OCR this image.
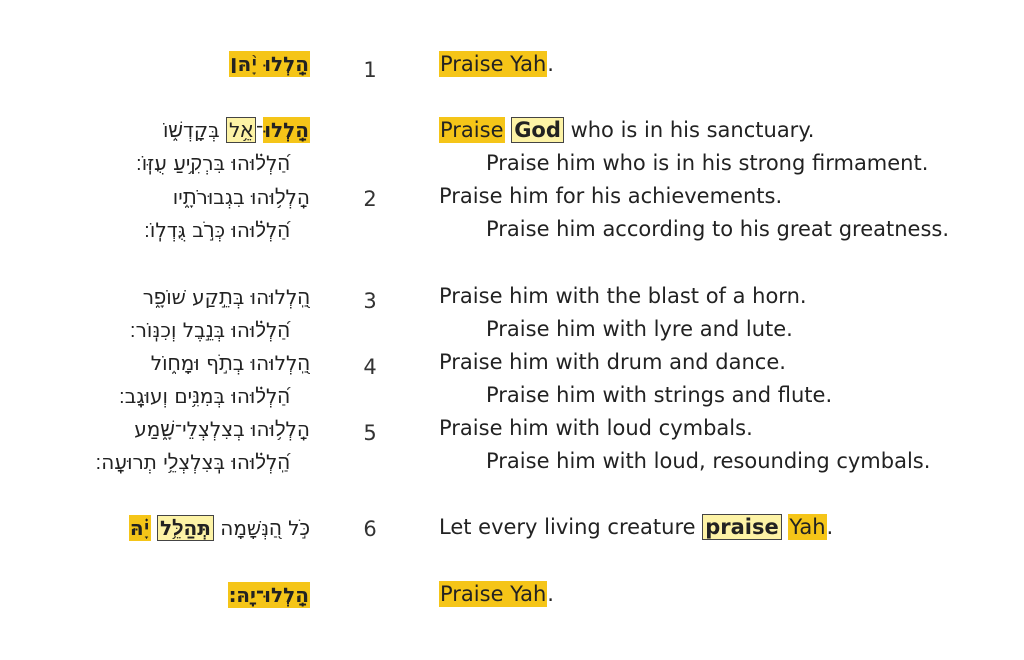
הַֽלְלוּ יָ֨הּ׀
הַֽלְלוּ־אֵ֥ל בְּקָדְשׁ֑וֹ
הַ֝לְל֗וּהוּ בִּרְקִ֥יעַ עֻזּֽוֹ׃
הַֽלְל֥וּהוּ בִגְבוּרֹתָ֑יו
הַ֝לְל֗וּהוּ כְּרֹ֣ב גֻּדְלֽוֹ׃
הַֽ֭לְלוּהוּ בְּתֵ֣קַע שׁוֹפָ֑ר
הַ֝לְל֗וּהוּ בְּנֵ֣בֶל וְכִנּֽוֹר׃
הַֽ֭לְלוּהוּ בְתֹ֣ף וּמָח֑וֹל
הַ֝לְל֗וּהוּ בְּמִנִּ֥ים וְעוּגָֽב׃
הַֽלְל֥וּהוּ בְצִלְצְלֵי־שָׁ֑מַע
הַֽ֝לְל֗וּהוּ בְּֽצִלְצְלֵ֥י תְרוּעָֽה׃
כֹּ֣ל הַ֭נְּשָׁמָה תְּהַלֵּ֥ל יָ֗הּ
הַֽלְלוּ־יָֽהּ׃
1
2
3
4
5
6
Praise Yah.
Praise God who is in his sanctuary.
Praise him who is in his strong firmament.
Praise him for his achievements.
Praise him according to his great greatness.
Praise him with the blast of a horn.
Praise him with lyre and lute.
Praise him with drum and dance.
Praise him with strings and flute.
Praise him with loud cymbals.
Praise him with loud, resounding cymbals.
Let every living creature praise Yah.
Praise Yah.
